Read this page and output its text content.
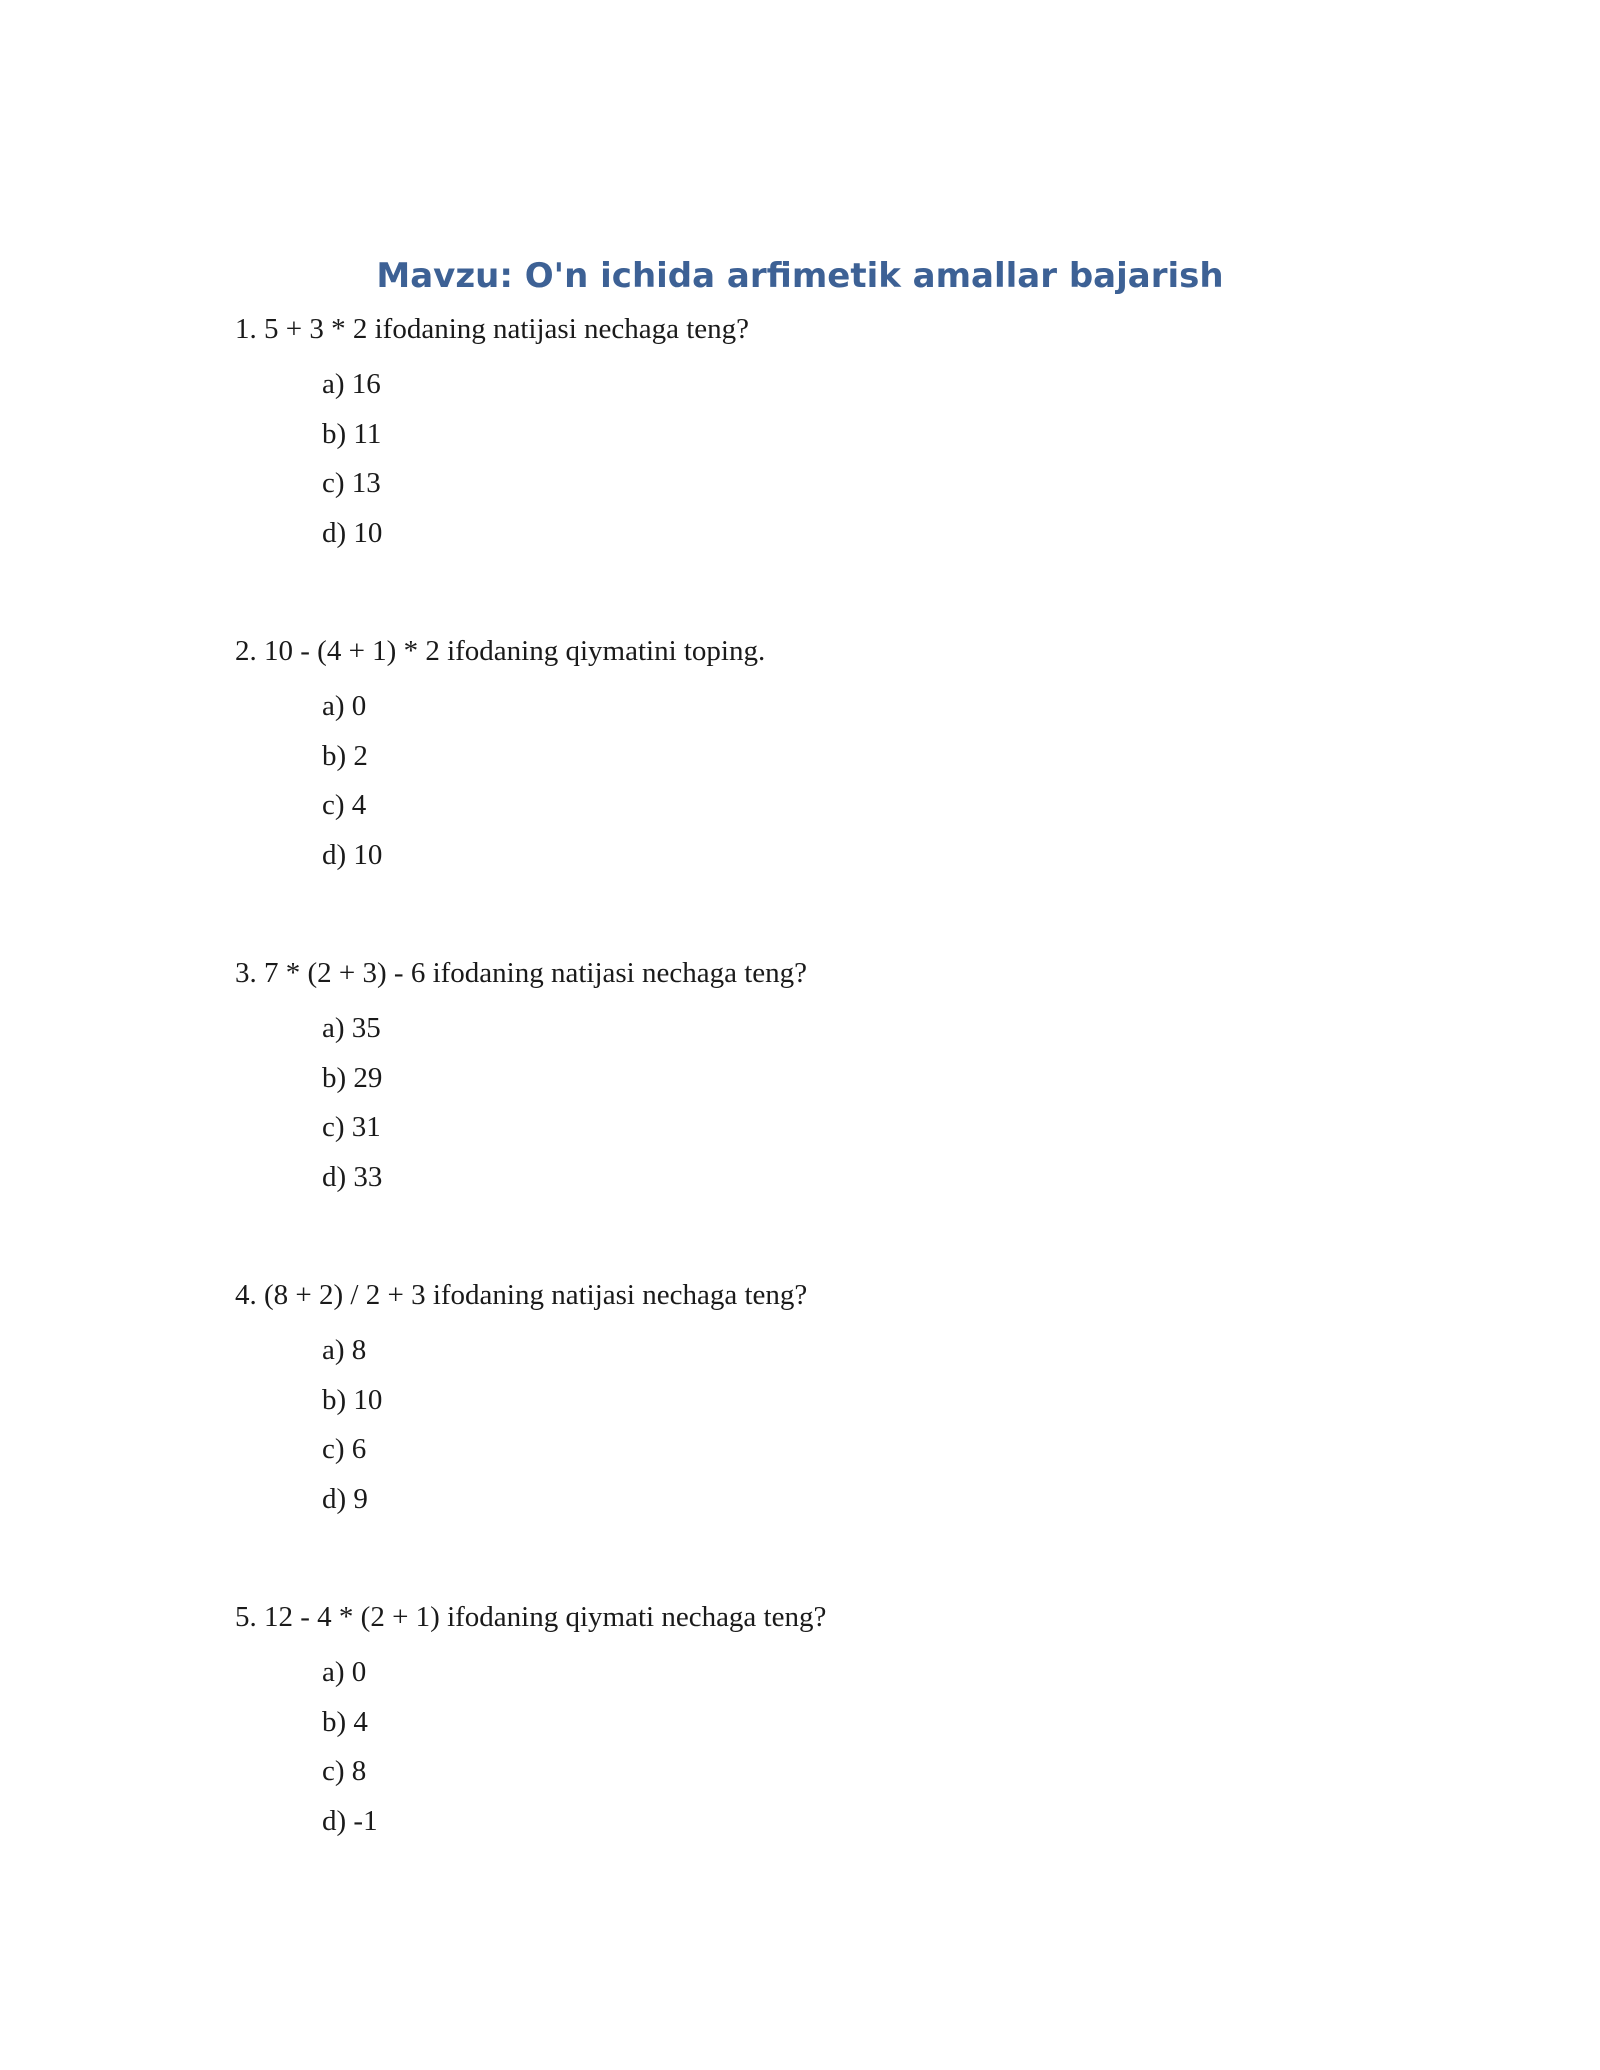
Mavzu: O'n ichida arfimetik amallar bajarish

1. 5 + 3 * 2 ifodaning natijasi nechaga teng?

a) 16
b) 11
c) 13
d) 10

2. 10 - (4 + 1) * 2 ifodaning qiymatini toping.

a) 0
b) 2
c) 4
d) 10

3. 7 * (2 + 3) - 6 ifodaning natijasi nechaga teng?

a) 35
b) 29
c) 31
d) 33

4. (8 + 2) / 2 + 3 ifodaning natijasi nechaga teng?

a) 8
b) 10
c) 6
d) 9

5. 12 - 4 * (2 + 1) ifodaning qiymati nechaga teng?

a) 0
b) 4
c) 8
d) -1
